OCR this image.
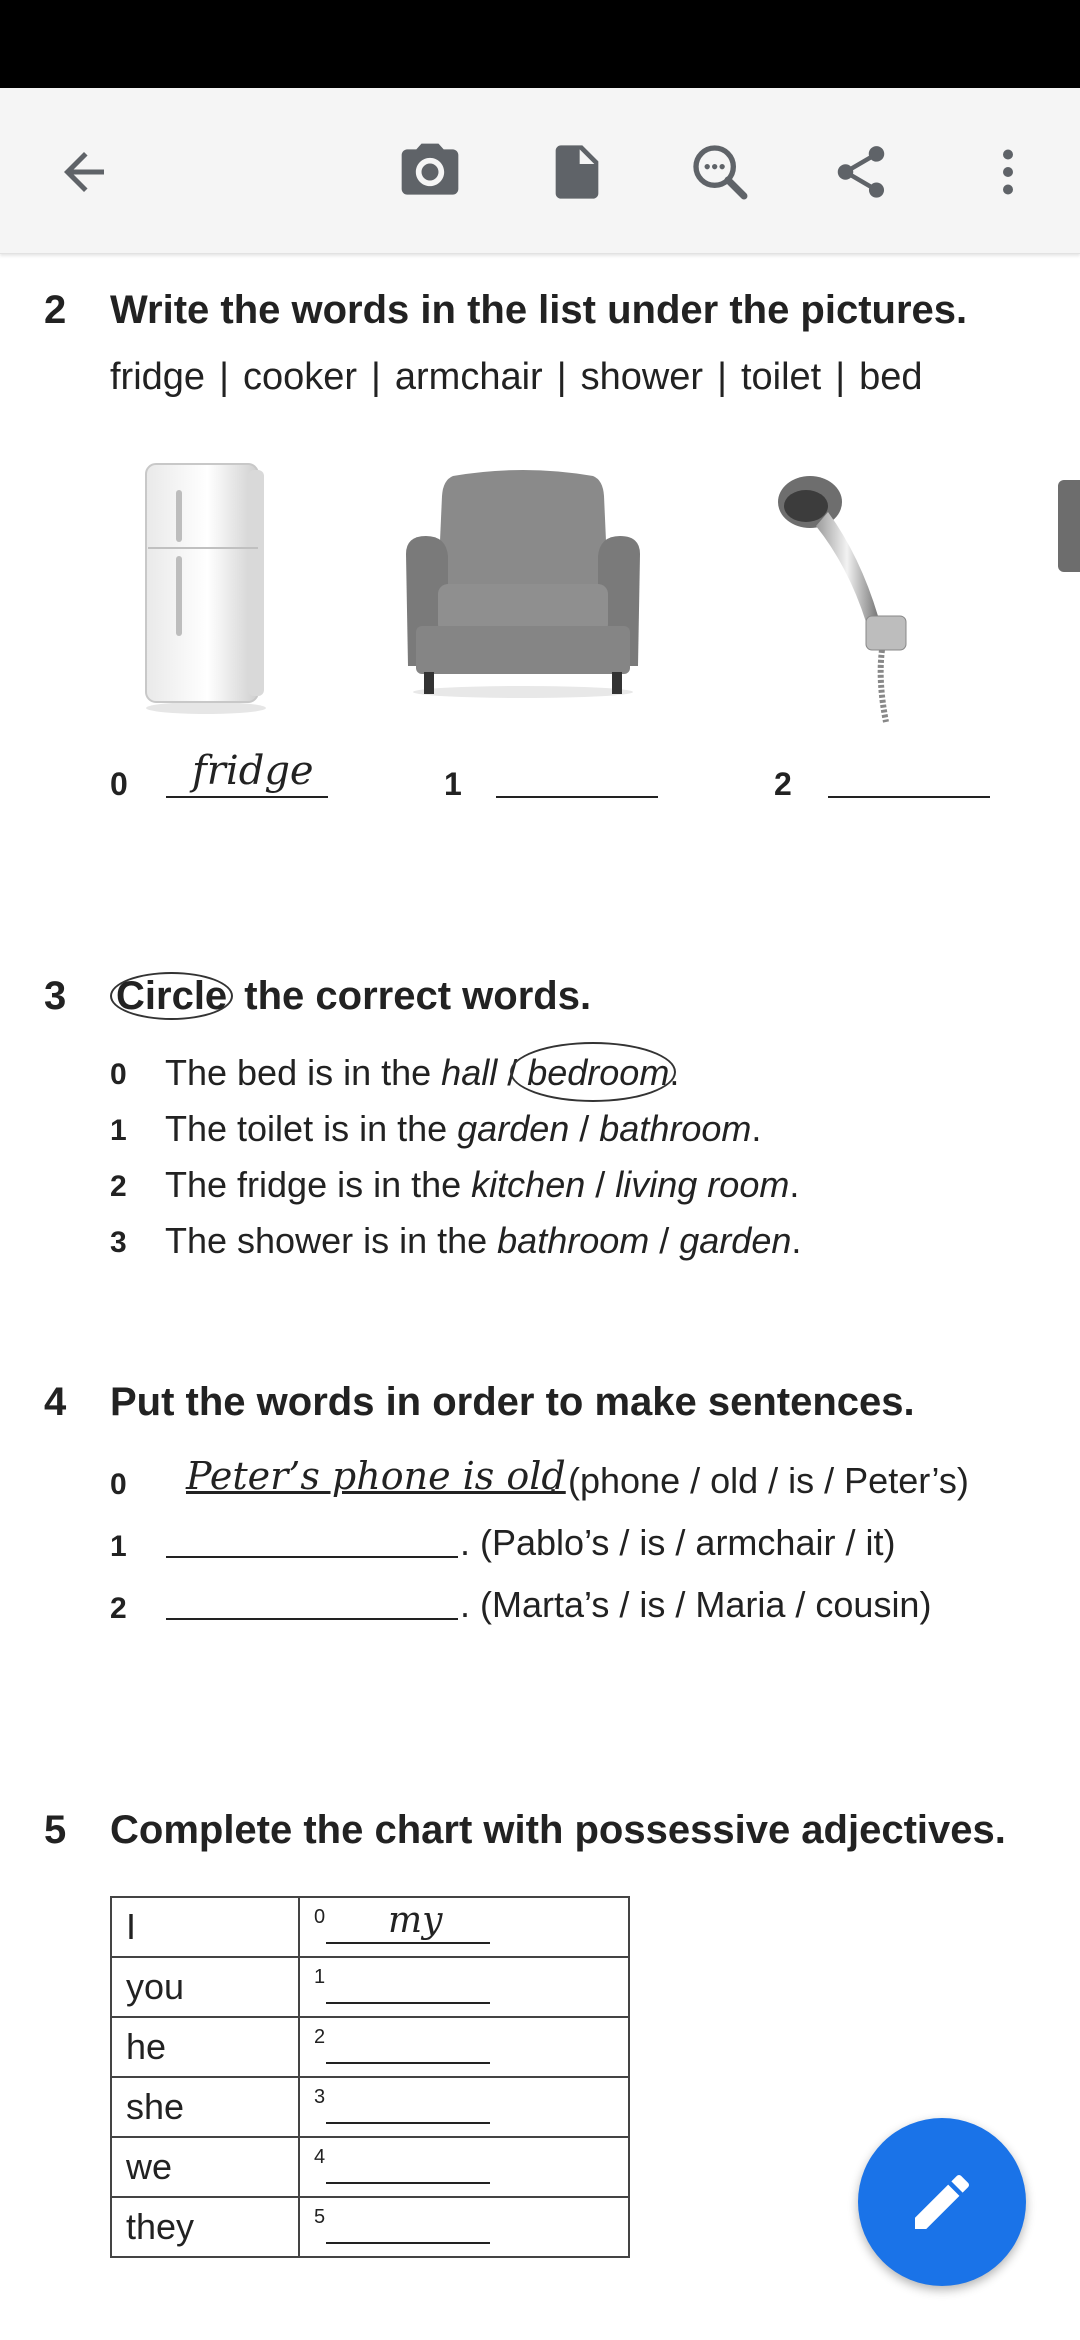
2 Write the words in the list under the pictures.
fridge | cooker | armchair | shower | toilet | bed
0 fridge	1	2
3 Circle the correct words.
0 The bed is in the hall / bedroom.
1 The toilet is in the garden / bathroom.
2 The fridge is in the kitchen / living room.
3 The shower is in the bathroom / garden.
4 Put the words in order to make sentences.
0 Peter’s phone is old
. (phone / old / is / Peter’s)
1	. (Pablo’s / is / armchair / it)
2	. (Marta’s / is / Maria / cousin)
5 Complete the chart with possessive adjectives.
I	0 my

you	1

he	2

she	3

we	4

they	5
